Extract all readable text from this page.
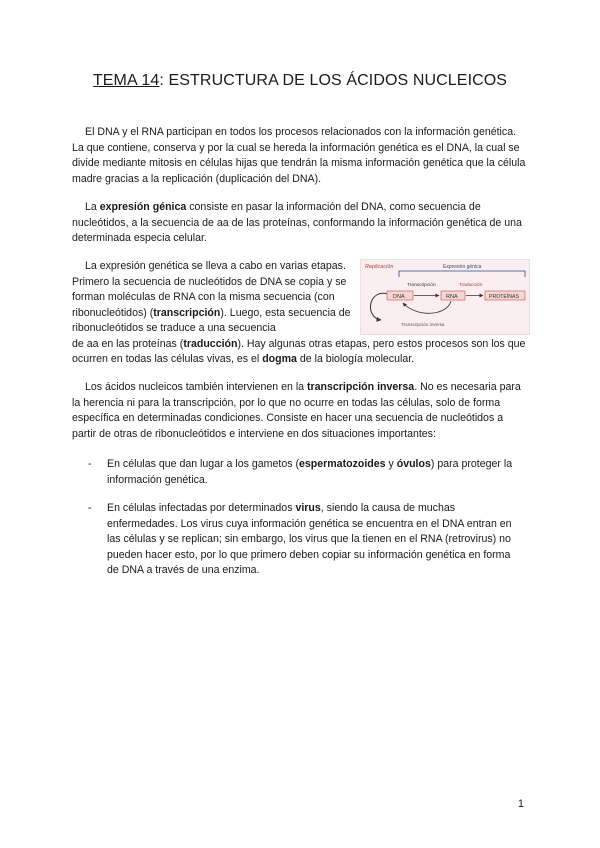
TEMA 14: ESTRUCTURA DE LOS ÁCIDOS NUCLEICOS

El DNA y el RNA participan en todos los procesos relacionados con la información genética. La que contiene, conserva y por la cual se hereda la información genética es el DNA, la cual se divide mediante mitosis en células hijas que tendrán la misma información genética que la célula madre gracias a la replicación (duplicación del DNA).

La expresión génica consiste en pasar la información del DNA, como secuencia de nucleótidos, a la secuencia de aa de las proteínas, conformando la información genética de una determinada especia celular.

La expresión genética se lleva a cabo en varias etapas. Primero la secuencia de nucleótidos de DNA se copia y se forman moléculas de RNA con la misma secuencia (con ribonucleótidos) (transcripción). Luego, esta secuencia de ribonucleótidos se traduce a una secuencia
de aa en las proteínas (traducción). Hay algunas otras etapas, pero estos procesos son los que ocurren en todas las células vivas, es el dogma de la biología molecular.

Los ácidos nucleicos también intervienen en la transcripción inversa. No es necesaria para la herencia ni para la transcripción, por lo que no ocurre en todas las células, solo de forma específica en determinadas condiciones. Consiste en hacer una secuencia de nucleótidos a partir de otras de ribonucleótidos e interviene en dos situaciones importantes:

- En células que dan lugar a los gametos (espermatozoides y óvulos) para proteger la información genética.
- En células infectadas por determinados virus, siendo la causa de muchas enfermedades. Los virus cuya información genética se encuentra en el DNA entran en las células y se replican; sin embargo, los virus que la tienen en el RNA (retrovirus) no pueden hacer esto, por lo que primero deben copiar su información genética en forma de DNA a través de una enzima.
Replicación	Expresión génica
Transcripción	Traducción
DNA	RNA	PROTEÍNAS
Transcripción inversa
1
